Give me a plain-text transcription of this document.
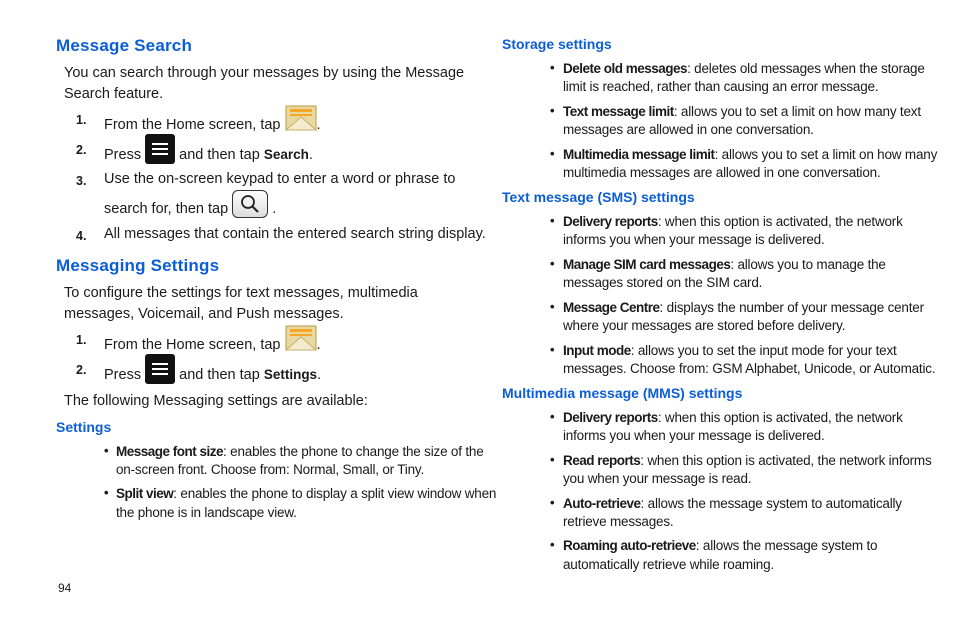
Message Search
You can search through your messages by using the Message
Search feature.
1. From the Home screen, tap .
2. Press	and then tap Search.
3. Use the on-screen keypad to enter a word or phrase to
search for, then tap	.
4. All messages that contain the entered search string display.
Messaging Settings
To configure the settings for text messages, multimedia
messages, Voicemail, and Push messages.
1. From the Home screen, tap .
2. Press	and then tap Settings.
The following Messaging settings are available:
Settings
• Message font size: enables the phone to change the size of the
on-screen front. Choose from: Normal, Small, or Tiny.
• Split view: enables the phone to display a split view window when
the phone is in landscape view.
94
Storage settings
• Delete old messages: deletes old messages when the storage
limit is reached, rather than causing an error message.
• Text message limit: allows you to set a limit on how many text
messages are allowed in one conversation.
• Multimedia message limit: allows you to set a limit on how many
multimedia messages are allowed in one conversation.
Text message (SMS) settings
• Delivery reports: when this option is activated, the network
informs you when your message is delivered.
• Manage SIM card messages: allows you to manage the
messages stored on the SIM card.
• Message Centre: displays the number of your message center
where your messages are stored before delivery.
• Input mode: allows you to set the input mode for your text
messages. Choose from: GSM Alphabet, Unicode, or Automatic.
Multimedia message (MMS) settings
• Delivery reports: when this option is activated, the network
informs you when your message is delivered.
• Read reports: when this option is activated, the network informs
you when your message is read.
• Auto-retrieve: allows the message system to automatically
retrieve messages.
• Roaming auto-retrieve: allows the message system to
automatically retrieve while roaming.
